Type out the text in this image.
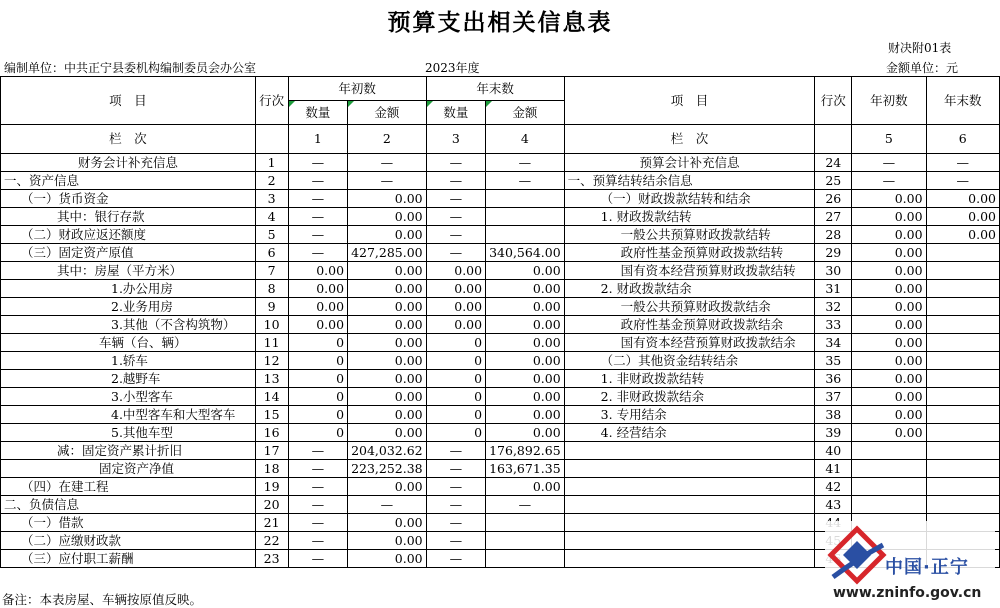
预算支出相关信息表
财决附01表
编制单位：中共正宁县委机构编制委员会办公室	2023年度	金额单位：元
项　目	行次	年初数		年末数		项　目	行次	年初数	年末数
		数量	金额	数量	金额				
栏　次		1	2	3	4	栏　次		5	6
财务会计补充信息	1	—	—	—	—	预算会计补充信息	24	—	—
一、资产信息	2	—	—	—	—	一、预算结转结余信息	25	—	—
（一）货币资金	3	—	0.00	—		（一）财政拨款结转和结余	26	0.00	0.00
其中：银行存款	4	—	0.00	—		1. 财政拨款结转	27	0.00	0.00
（二）财政应返还额度	5	—	0.00	—		一般公共预算财政拨款结转	28	0.00	0.00
（三）固定资产原值	6	—	427,285.00	—	340,564.00	政府性基金预算财政拨款结转	29	0.00	
其中：房屋（平方米）	7	0.00	0.00	0.00	0.00	国有资本经营预算财政拨款结转	30	0.00	
1.办公用房	8	0.00	0.00	0.00	0.00	2. 财政拨款结余	31	0.00	
2.业务用房	9	0.00	0.00	0.00	0.00	一般公共预算财政拨款结余	32	0.00	
3.其他（不含构筑物）	10	0.00	0.00	0.00	0.00	政府性基金预算财政拨款结余	33	0.00	
车辆（台、辆）	11	0	0.00	0	0.00	国有资本经营预算财政拨款结余	34	0.00	
1.轿车	12	0	0.00	0	0.00	（二）其他资金结转结余	35	0.00	
2.越野车	13	0	0.00	0	0.00	1. 非财政拨款结转	36	0.00	
3.小型客车	14	0	0.00	0	0.00	2. 非财政拨款结余	37	0.00	
4.中型客车和大型客车	15	0	0.00	0	0.00	3. 专用结余	38	0.00	
5.其他车型	16	0	0.00	0	0.00	4. 经营结余	39	0.00	
减：固定资产累计折旧	17	—	204,032.62	—	176,892.65		40		
固定资产净值	18	—	223,252.38	—	163,671.35		41		
（四）在建工程	19	—	0.00	—	0.00		42		
二、负债信息	20	—	—	—	—		43		
（一）借款	21	—	0.00	—					
（二）应缴财政款	22	—	0.00	—					
（三）应付职工薪酬	23	—	0.00	—					
备注：本表房屋、车辆按原值反映。
中国·正宁
www.zninfo.gov.cn
